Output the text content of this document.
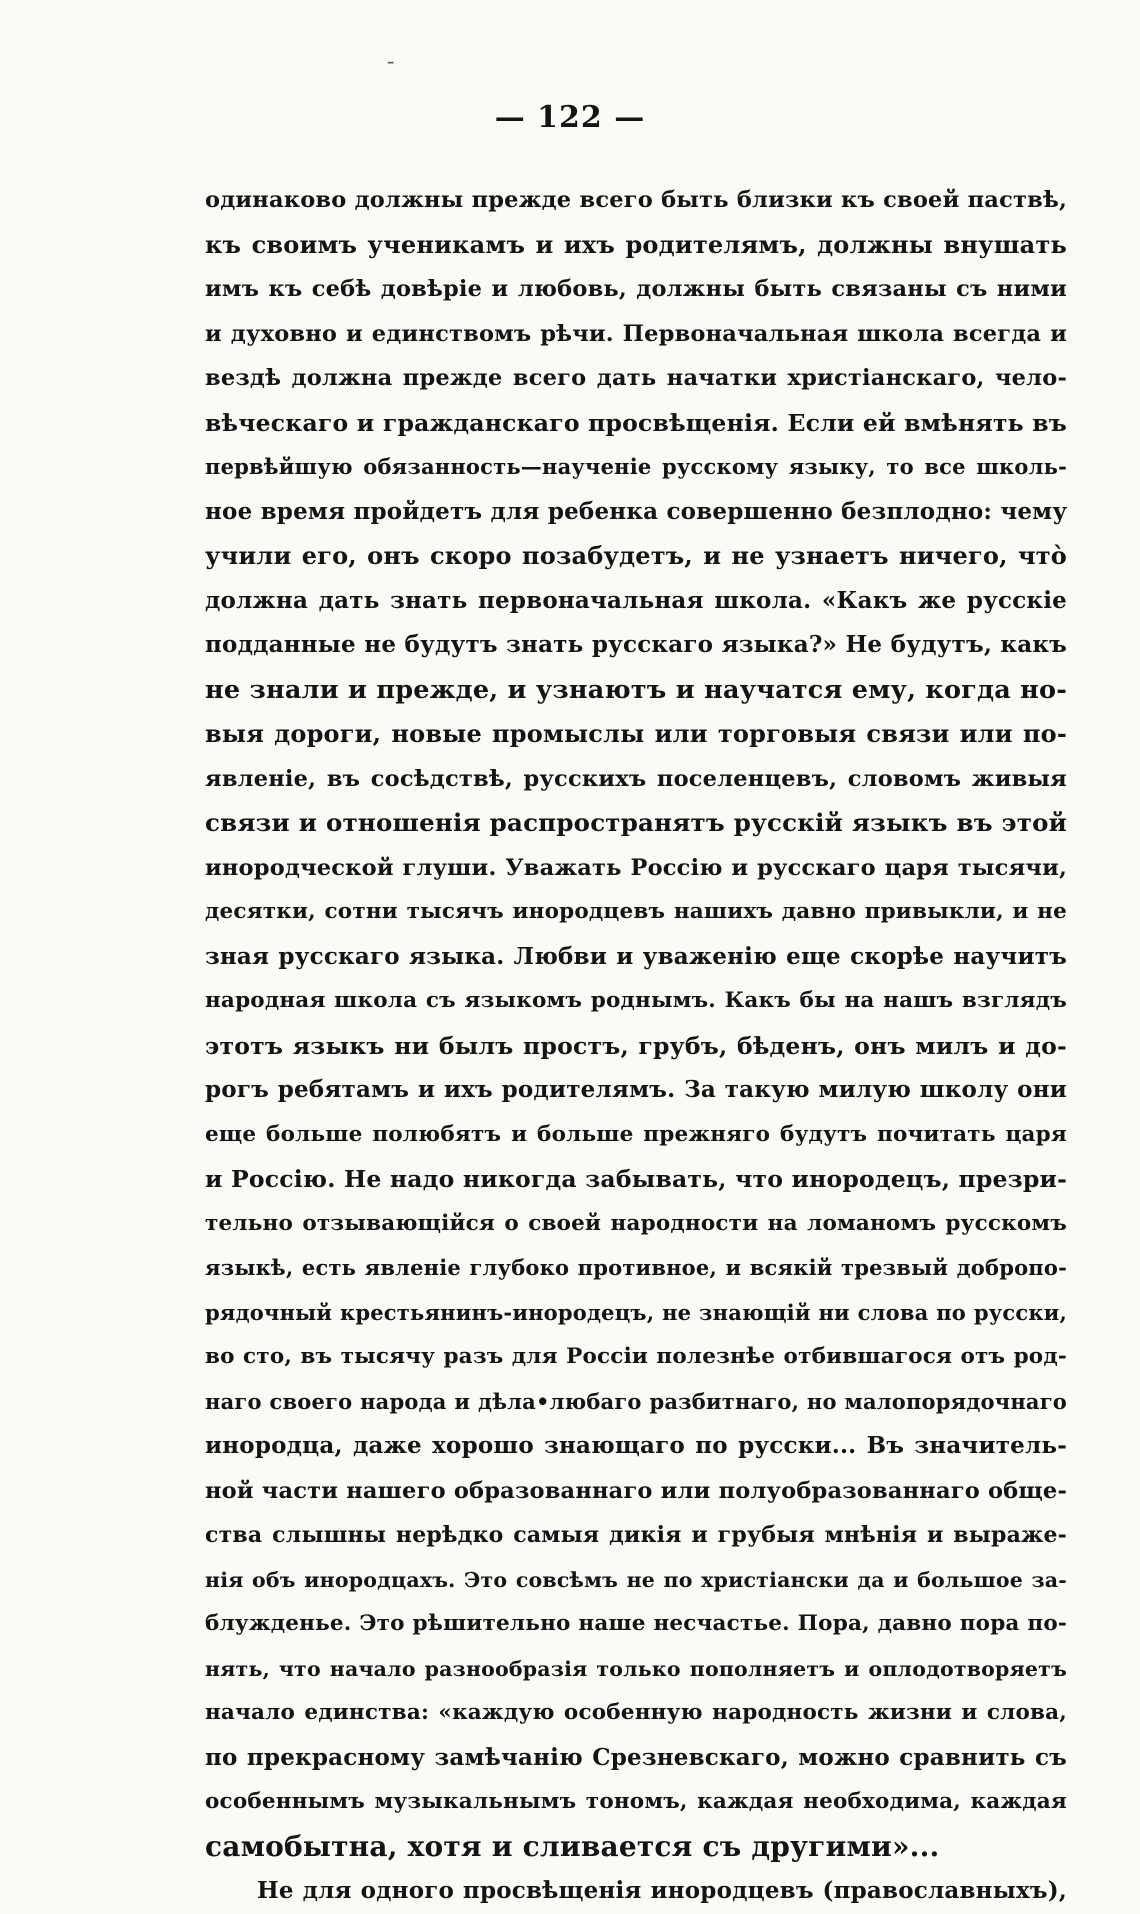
-
— 122 —
одинаково должны прежде всего быть близки къ своей паствѣ,
къ своимъ ученикамъ и ихъ родителямъ, должны внушать
имъ къ себѣ довѣріе и любовь, должны быть связаны съ ними
и духовно и единствомъ рѣчи. Первоначальная школа всегда и
вездѣ должна прежде всего дать начатки христіанскаго, чело-
вѣческаго и гражданскаго просвѣщенія. Если ей вмѣнять въ
первѣйшую обязанность—наученіе русскому языку, то все школь-
ное время пройдетъ для ребенка совершенно безплодно: чему
учили его, онъ скоро позабудетъ, и не узнаетъ ничего, что̀
должна дать знать первоначальная школа. «Какъ же русскіе
подданные не будутъ знать русскаго языка?» Не будутъ, какъ
не знали и прежде, и узнаютъ и научатся ему, когда но-
выя дороги, новые промыслы или торговыя связи или по-
явленіе, въ сосѣдствѣ, русскихъ поселенцевъ, словомъ живыя
связи и отношенія распространятъ русскій языкъ въ этой
инородческой глуши. Уважать Россію и русскаго царя тысячи,
десятки, сотни тысячъ инородцевъ нашихъ давно привыкли, и не
зная русскаго языка. Любви и уваженію еще скорѣе научитъ
народная школа съ языкомъ роднымъ. Какъ бы на нашъ взглядъ
этотъ языкъ ни былъ простъ, грубъ, бѣденъ, онъ милъ и до-
рогъ ребятамъ и ихъ родителямъ. За такую милую школу они
еще больше полюбятъ и больше прежняго будутъ почитать царя
и Россію. Не надо никогда забывать, что инородецъ, презри-
тельно отзывающійся о своей народности на ломаномъ русскомъ
языкѣ, есть явленіе глубоко противное, и всякій трезвый добропо-
рядочный крестьянинъ-инородецъ, не знающій ни слова по русски,
во сто, въ тысячу разъ для Россіи полезнѣе отбившагося отъ род-
наго своего народа и дѣла•любаго разбитнаго, но малопорядочнаго
инородца, даже хорошо знающаго по русски... Въ значитель-
ной части нашего образованнаго или полуобразованнаго обще-
ства слышны нерѣдко самыя дикія и грубыя мнѣнія и выраже-
нія объ инородцахъ. Это совсѣмъ не по христіански да и большое за-
блужденье. Это рѣшительно наше несчастье. Пора, давно пора по-
нять, что начало разнообразія только пополняетъ и оплодотворяетъ
начало единства: «каждую особенную народность жизни и слова,
по прекрасному замѣчанію Срезневскаго, можно сравнить съ
особеннымъ музыкальнымъ тономъ, каждая необходима, каждая
самобытна, хотя и сливается съ другими»...
Не для одного просвѣщенія инородцевъ (православныхъ),
